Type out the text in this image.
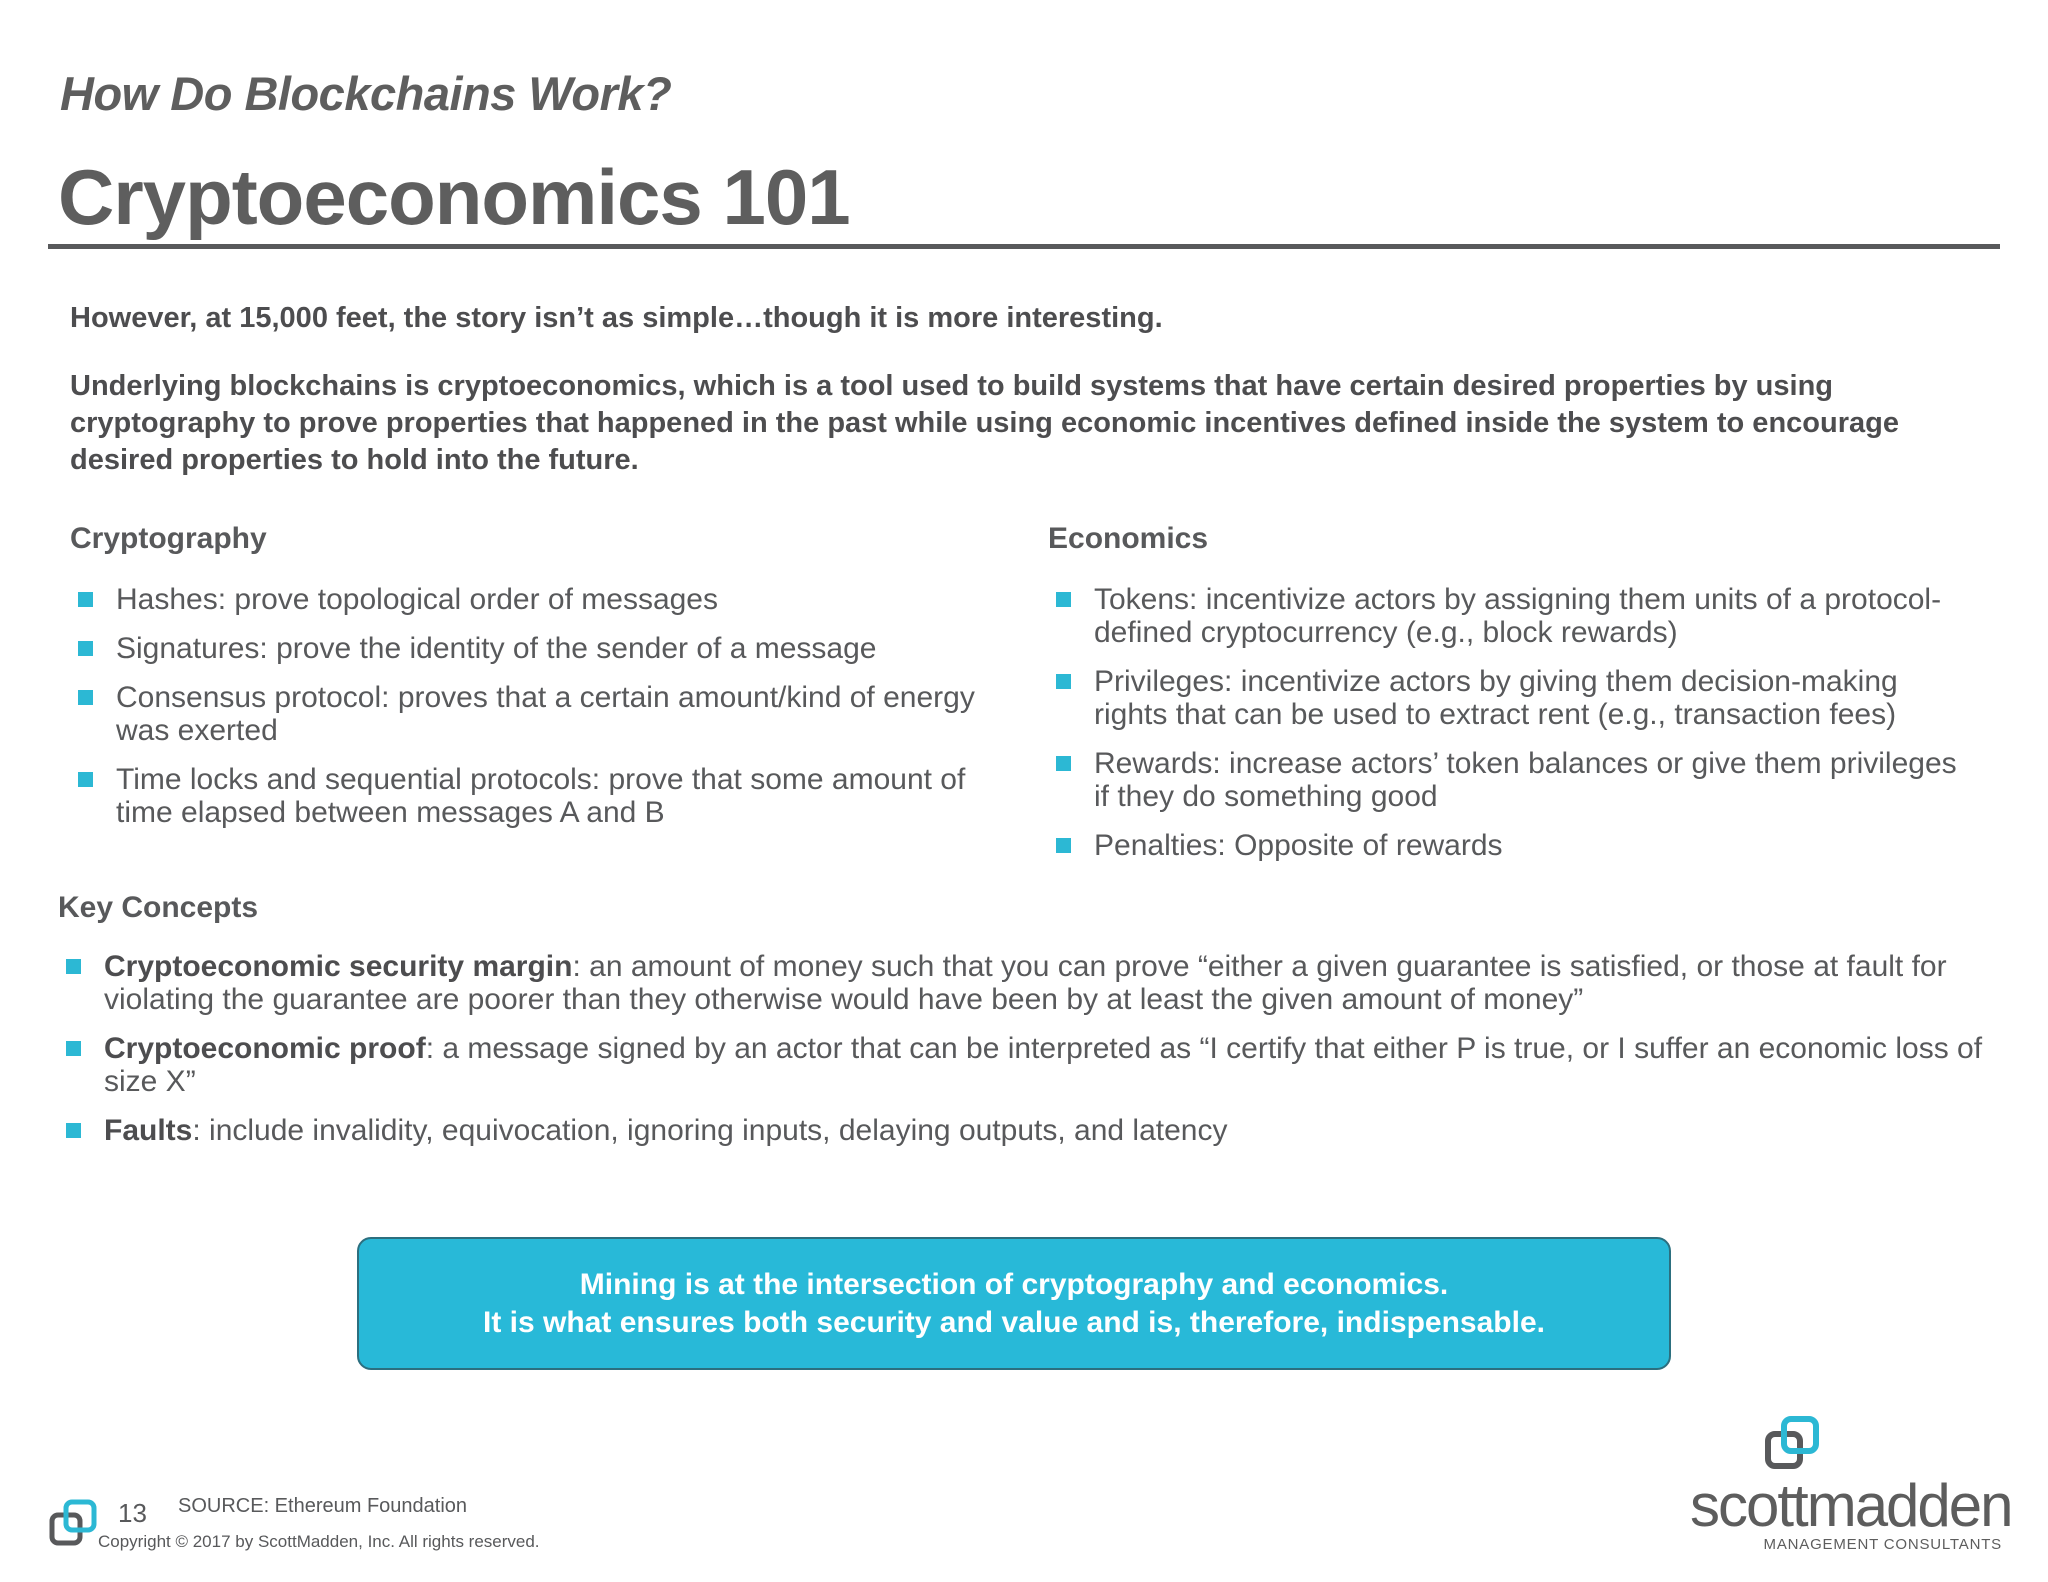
How Do Blockchains Work?
Cryptoeconomics 101
However, at 15,000 feet, the story isn’t as simple…though it is more interesting.
Underlying blockchains is cryptoeconomics, which is a tool used to build systems that have certain desired properties by using cryptography to prove properties that happened in the past while using economic incentives defined inside the system to encourage desired properties to hold into the future.
Cryptography
Hashes: prove topological order of messages
Signatures: prove the identity of the sender of a message
Consensus protocol: proves that a certain amount/kind of energy was exerted
Time locks and sequential protocols: prove that some amount of time elapsed between messages A and B
Economics
Tokens: incentivize actors by assigning them units of a protocol-defined cryptocurrency (e.g., block rewards)
Privileges: incentivize actors by giving them decision-making rights that can be used to extract rent (e.g., transaction fees)
Rewards: increase actors’ token balances or give them privileges if they do something good
Penalties: Opposite of rewards
Key Concepts
Cryptoeconomic security margin: an amount of money such that you can prove “either a given guarantee is satisfied, or those at fault for violating the guarantee are poorer than they otherwise would have been by at least the given amount of money”
Cryptoeconomic proof: a message signed by an actor that can be interpreted as “I certify that either P is true, or I suffer an economic loss of size X”
Faults: include invalidity, equivocation, ignoring inputs, delaying outputs, and latency
Mining is at the intersection of cryptography and economics.
It is what ensures both security and value and is, therefore, indispensable.
13 SOURCE: Ethereum Foundation
Copyright © 2017 by ScottMadden, Inc. All rights reserved.
scottmadden
MANAGEMENT CONSULTANTS
